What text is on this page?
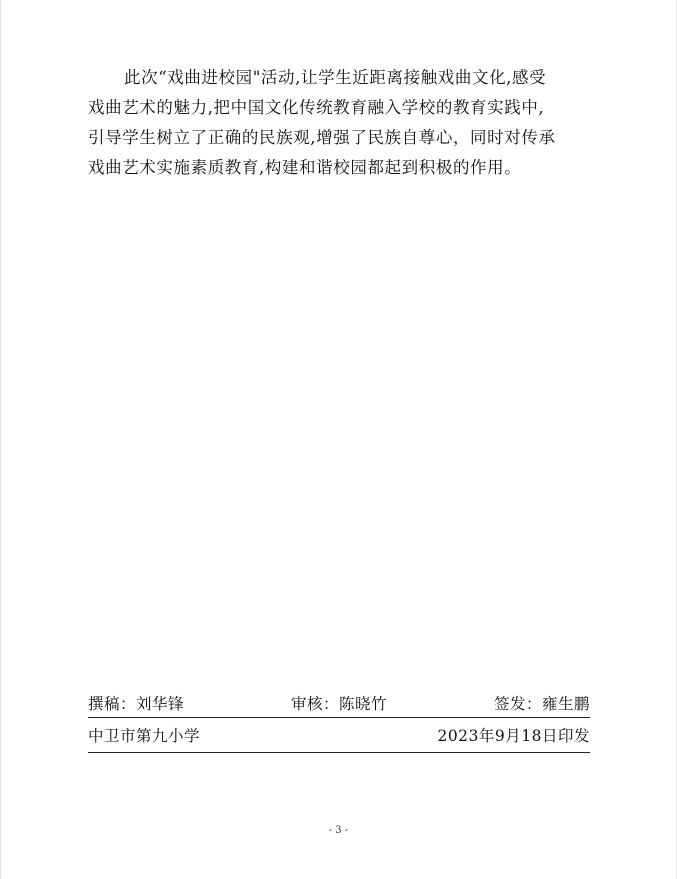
此次“戏曲进校园"活动,让学生近距离接触戏曲文化,感受
戏曲艺术的魅力,把中国文化传统教育融入学校的教育实践中,
引导学生树立了正确的民族观,增强了民族自尊心，同时对传承
戏曲艺术实施素质教育,构建和谐校园都起到积极的作用。
撰稿：刘华锋	审核：陈晓竹	签发：雍生鹏
中卫市第九小学	2023年9月18日印发
- 3 -
